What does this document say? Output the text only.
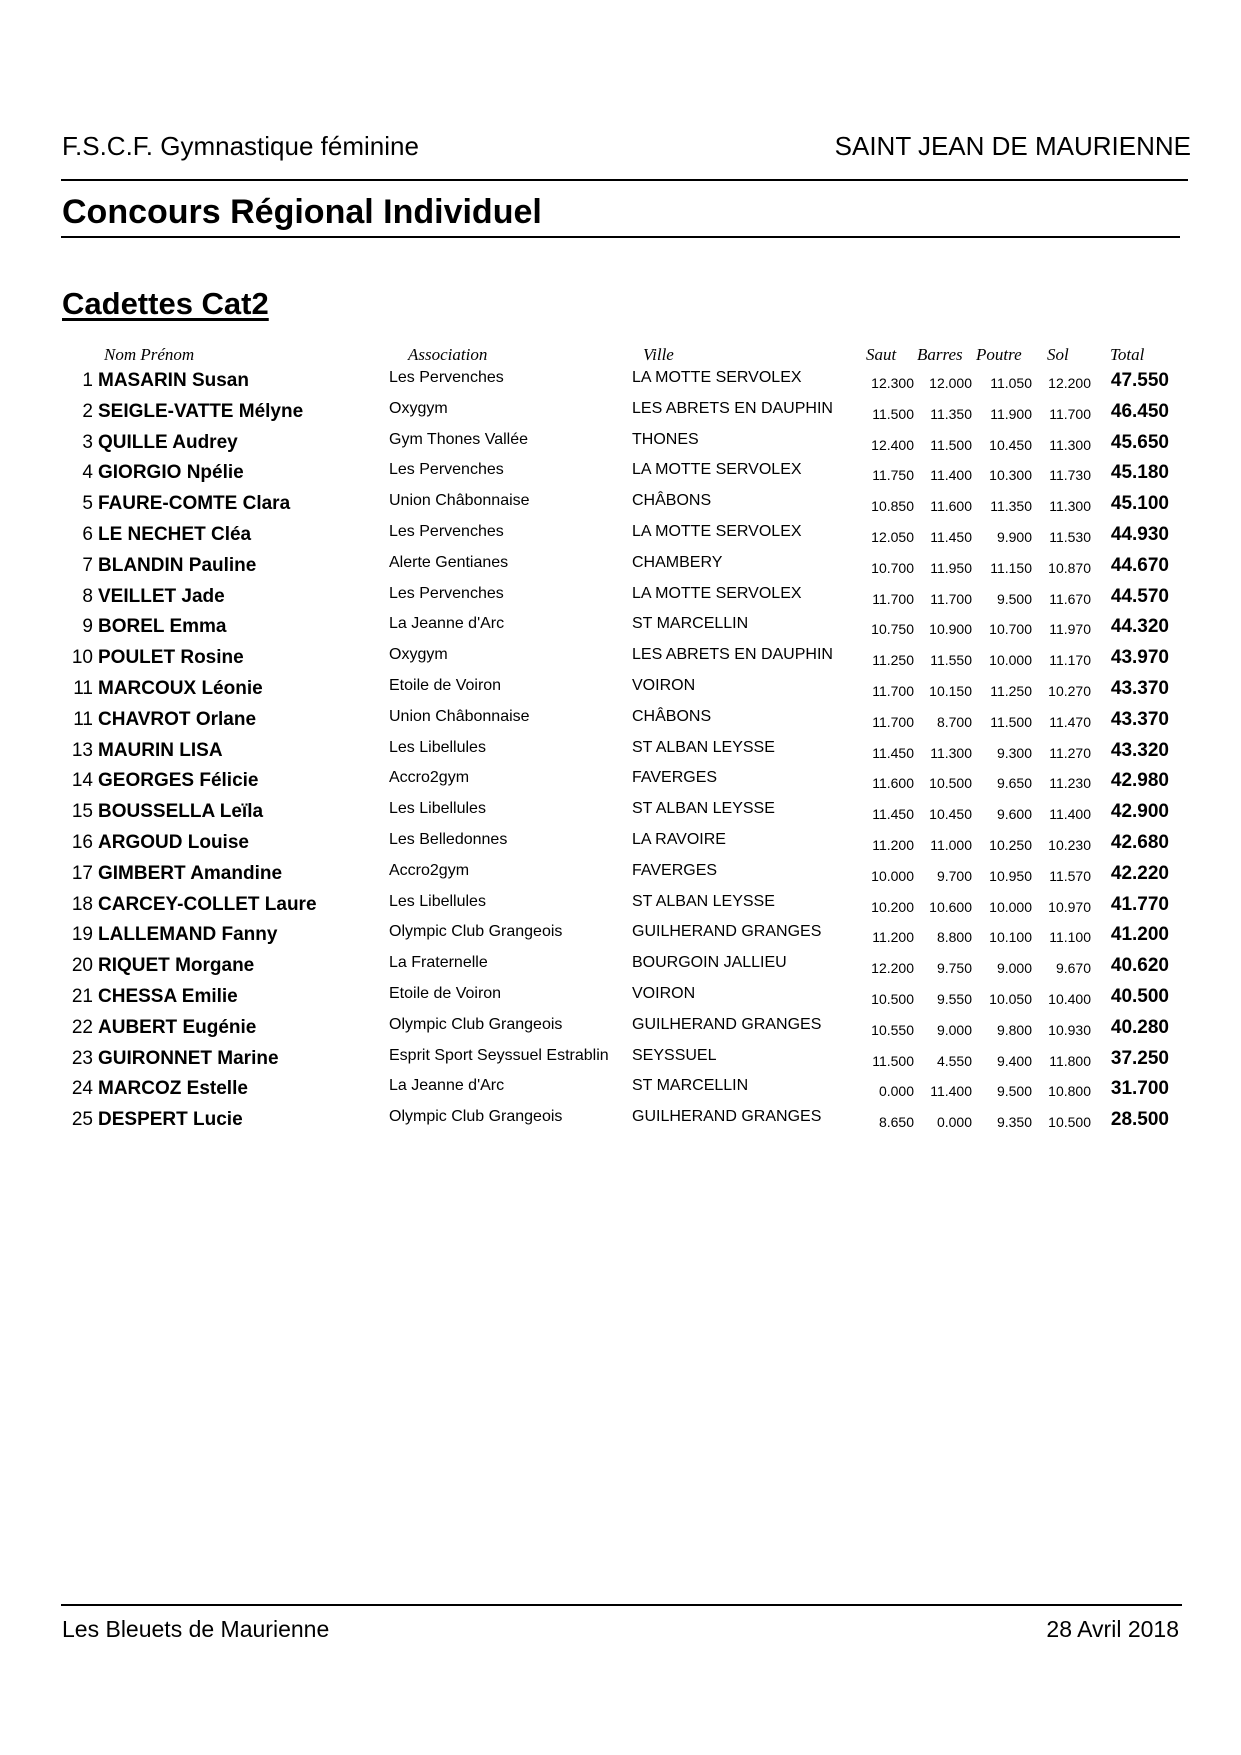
F.S.C.F. Gymnastique féminine	SAINT JEAN DE MAURIENNE
Concours Régional Individuel
Cadettes Cat2
Nom Prénom	Association	Ville	Saut Barres Poutre Sol Total
1 MASARIN Susan	Les Pervenches	LA MOTTE SERVOLEX	12.300	12.000	11.050	12.200 47.550
2 SEIGLE-VATTE Mélyne	Oxygym	LES ABRETS EN DAUPHIN	11.500	11.350	11.900	11.700 46.450
3 QUILLE Audrey	Gym Thones Vallée	THONES	12.400	11.500	10.450	11.300 45.650
4 GIORGIO Npélie	Les Pervenches	LA MOTTE SERVOLEX	11.750	11.400	10.300	11.730 45.180
5 FAURE-COMTE Clara	Union Châbonnaise	CHÂBONS	10.850	11.600	11.350	11.300 45.100
6 LE NECHET Cléa	Les Pervenches	LA MOTTE SERVOLEX	12.050	11.450	9.900	11.530 44.930
7 BLANDIN Pauline	Alerte Gentianes	CHAMBERY	10.700	11.950	11.150	10.870 44.670
8 VEILLET Jade	Les Pervenches	LA MOTTE SERVOLEX	11.700	11.700	9.500	11.670 44.570
9 BOREL Emma	La Jeanne d'Arc	ST MARCELLIN	10.750	10.900	10.700	11.970 44.320
10 POULET Rosine	Oxygym	LES ABRETS EN DAUPHIN	11.250	11.550	10.000	11.170 43.970
11 MARCOUX Léonie	Etoile de Voiron	VOIRON	11.700	10.150	11.250	10.270 43.370
11 CHAVROT Orlane	Union Châbonnaise	CHÂBONS	11.700	8.700	11.500	11.470 43.370
13 MAURIN LISA	Les Libellules	ST ALBAN LEYSSE	11.450	11.300	9.300	11.270 43.320
14 GEORGES Félicie	Accro2gym	FAVERGES	11.600	10.500	9.650	11.230 42.980
15 BOUSSELLA Leïla	Les Libellules	ST ALBAN LEYSSE	11.450	10.450	9.600	11.400 42.900
16 ARGOUD Louise	Les Belledonnes	LA RAVOIRE	11.200	11.000	10.250	10.230 42.680
17 GIMBERT Amandine	Accro2gym	FAVERGES	10.000	9.700	10.950	11.570 42.220
18 CARCEY-COLLET Laure	Les Libellules	ST ALBAN LEYSSE	10.200	10.600	10.000	10.970 41.770
19 LALLEMAND Fanny	Olympic Club Grangeois	GUILHERAND GRANGES	11.200	8.800	10.100	11.100 41.200
20 RIQUET Morgane	La Fraternelle	BOURGOIN JALLIEU	12.200	9.750	9.000	9.670 40.620
21 CHESSA Emilie	Etoile de Voiron	VOIRON	10.500	9.550	10.050	10.400 40.500
22 AUBERT Eugénie	Olympic Club Grangeois	GUILHERAND GRANGES	10.550	9.000	9.800	10.930 40.280
23 GUIRONNET Marine	Esprit Sport Seyssuel Estrablin SEYSSUEL	11.500	4.550	9.400	11.800 37.250
24 MARCOZ Estelle	La Jeanne d'Arc	ST MARCELLIN	0.000	11.400	9.500	10.800 31.700
25 DESPERT Lucie	Olympic Club Grangeois	GUILHERAND GRANGES	8.650	0.000	9.350	10.500 28.500
Les Bleuets de Maurienne	28 Avril 2018
